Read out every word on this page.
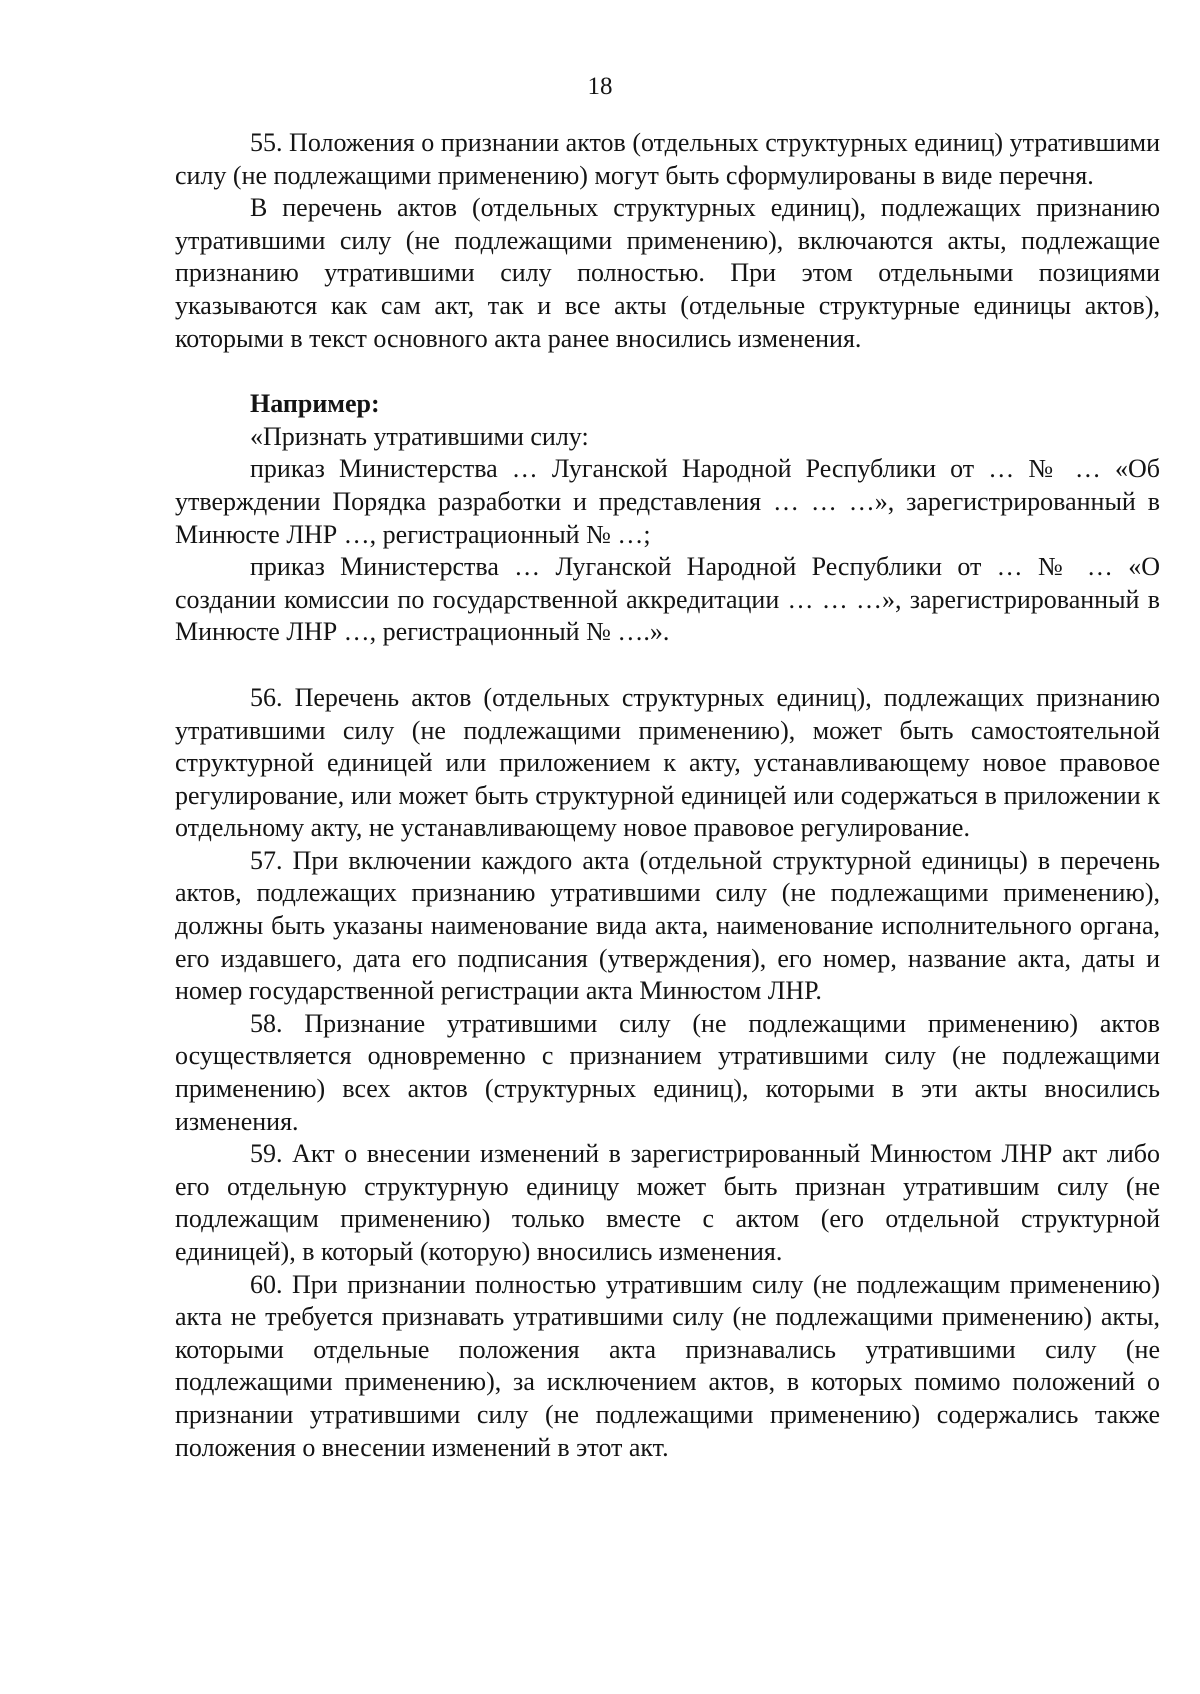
18

55. Положения о признании актов (отдельных структурных единиц) утратившими силу (не подлежащими применению) могут быть сформулированы в виде перечня.

В перечень актов (отдельных структурных единиц), подлежащих признанию утратившими силу (не подлежащими применению), включаются акты, подлежащие признанию утратившими силу полностью. При этом отдельными позициями указываются как сам акт, так и все акты (отдельные структурные единицы актов), которыми в текст основного акта ранее вносились изменения.

Например:

«Признать утратившими силу:

приказ Министерства … Луганской Народной Республики от … № … «Об утверждении Порядка разработки и представления … … …», зарегистрированный в Минюсте ЛНР …, регистрационный № …;

приказ Министерства … Луганской Народной Республики от … № … «О создании комиссии по государственной аккредитации … … …», зарегистрированный в Минюсте ЛНР …, регистрационный № ….».

56. Перечень актов (отдельных структурных единиц), подлежащих признанию утратившими силу (не подлежащими применению), может быть самостоятельной структурной единицей или приложением к акту, устанавливающему новое правовое регулирование, или может быть структурной единицей или содержаться в приложении к отдельному акту, не устанавливающему новое правовое регулирование.

57. При включении каждого акта (отдельной структурной единицы) в перечень актов, подлежащих признанию утратившими силу (не подлежащими применению), должны быть указаны наименование вида акта, наименование исполнительного органа, его издавшего, дата его подписания (утверждения), его номер, название акта, даты и номер государственной регистрации акта Минюстом ЛНР.

58. Признание утратившими силу (не подлежащими применению) актов осуществляется одновременно с признанием утратившими силу (не подлежащими применению) всех актов (структурных единиц), которыми в эти акты вносились изменения.

59. Акт о внесении изменений в зарегистрированный Минюстом ЛНР акт либо его отдельную структурную единицу может быть признан утратившим силу (не подлежащим применению) только вместе с актом (его отдельной структурной единицей), в который (которую) вносились изменения.

60. При признании полностью утратившим силу (не подлежащим применению) акта не требуется признавать утратившими силу (не подлежащими применению) акты, которыми отдельные положения акта признавались утратившими силу (не подлежащими применению), за исключением актов, в которых помимо положений о признании утратившими силу (не подлежащими применению) содержались также положения о внесении изменений в этот акт.
